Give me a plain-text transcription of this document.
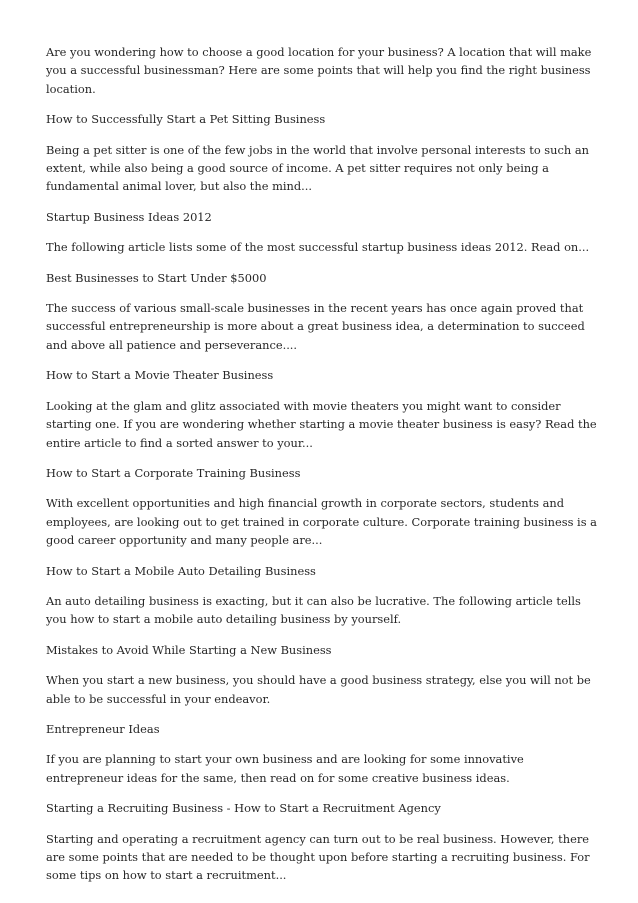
Are you wondering how to choose a good location for your business? A location that will make you a successful businessman? Here are some points that will help you find the right business location.

How to Successfully Start a Pet Sitting Business

Being a pet sitter is one of the few jobs in the world that involve personal interests to such an extent, while also being a good source of income. A pet sitter requires not only being a fundamental animal lover, but also the mind...

Startup Business Ideas 2012

The following article lists some of the most successful startup business ideas 2012. Read on...

Best Businesses to Start Under $5000

The success of various small-scale businesses in the recent years has once again proved that successful entrepreneurship is more about a great business idea, a determination to succeed and above all patience and perseverance....

How to Start a Movie Theater Business

Looking at the glam and glitz associated with movie theaters you might want to consider starting one. If you are wondering whether starting a movie theater business is easy? Read the entire article to find a sorted answer to your...

How to Start a Corporate Training Business

With excellent opportunities and high financial growth in corporate sectors, students and employees, are looking out to get trained in corporate culture. Corporate training business is a good career opportunity and many people are...

How to Start a Mobile Auto Detailing Business

An auto detailing business is exacting, but it can also be lucrative. The following article tells you how to start a mobile auto detailing business by yourself.

Mistakes to Avoid While Starting a New Business

When you start a new business, you should have a good business strategy, else you will not be able to be successful in your endeavor.

Entrepreneur Ideas

If you are planning to start your own business and are looking for some innovative entrepreneur ideas for the same, then read on for some creative business ideas.

Starting a Recruiting Business - How to Start a Recruitment Agency

Starting and operating a recruitment agency can turn out to be real business. However, there are some points that are needed to be thought upon before starting a recruiting business. For some tips on how to start a recruitment...
